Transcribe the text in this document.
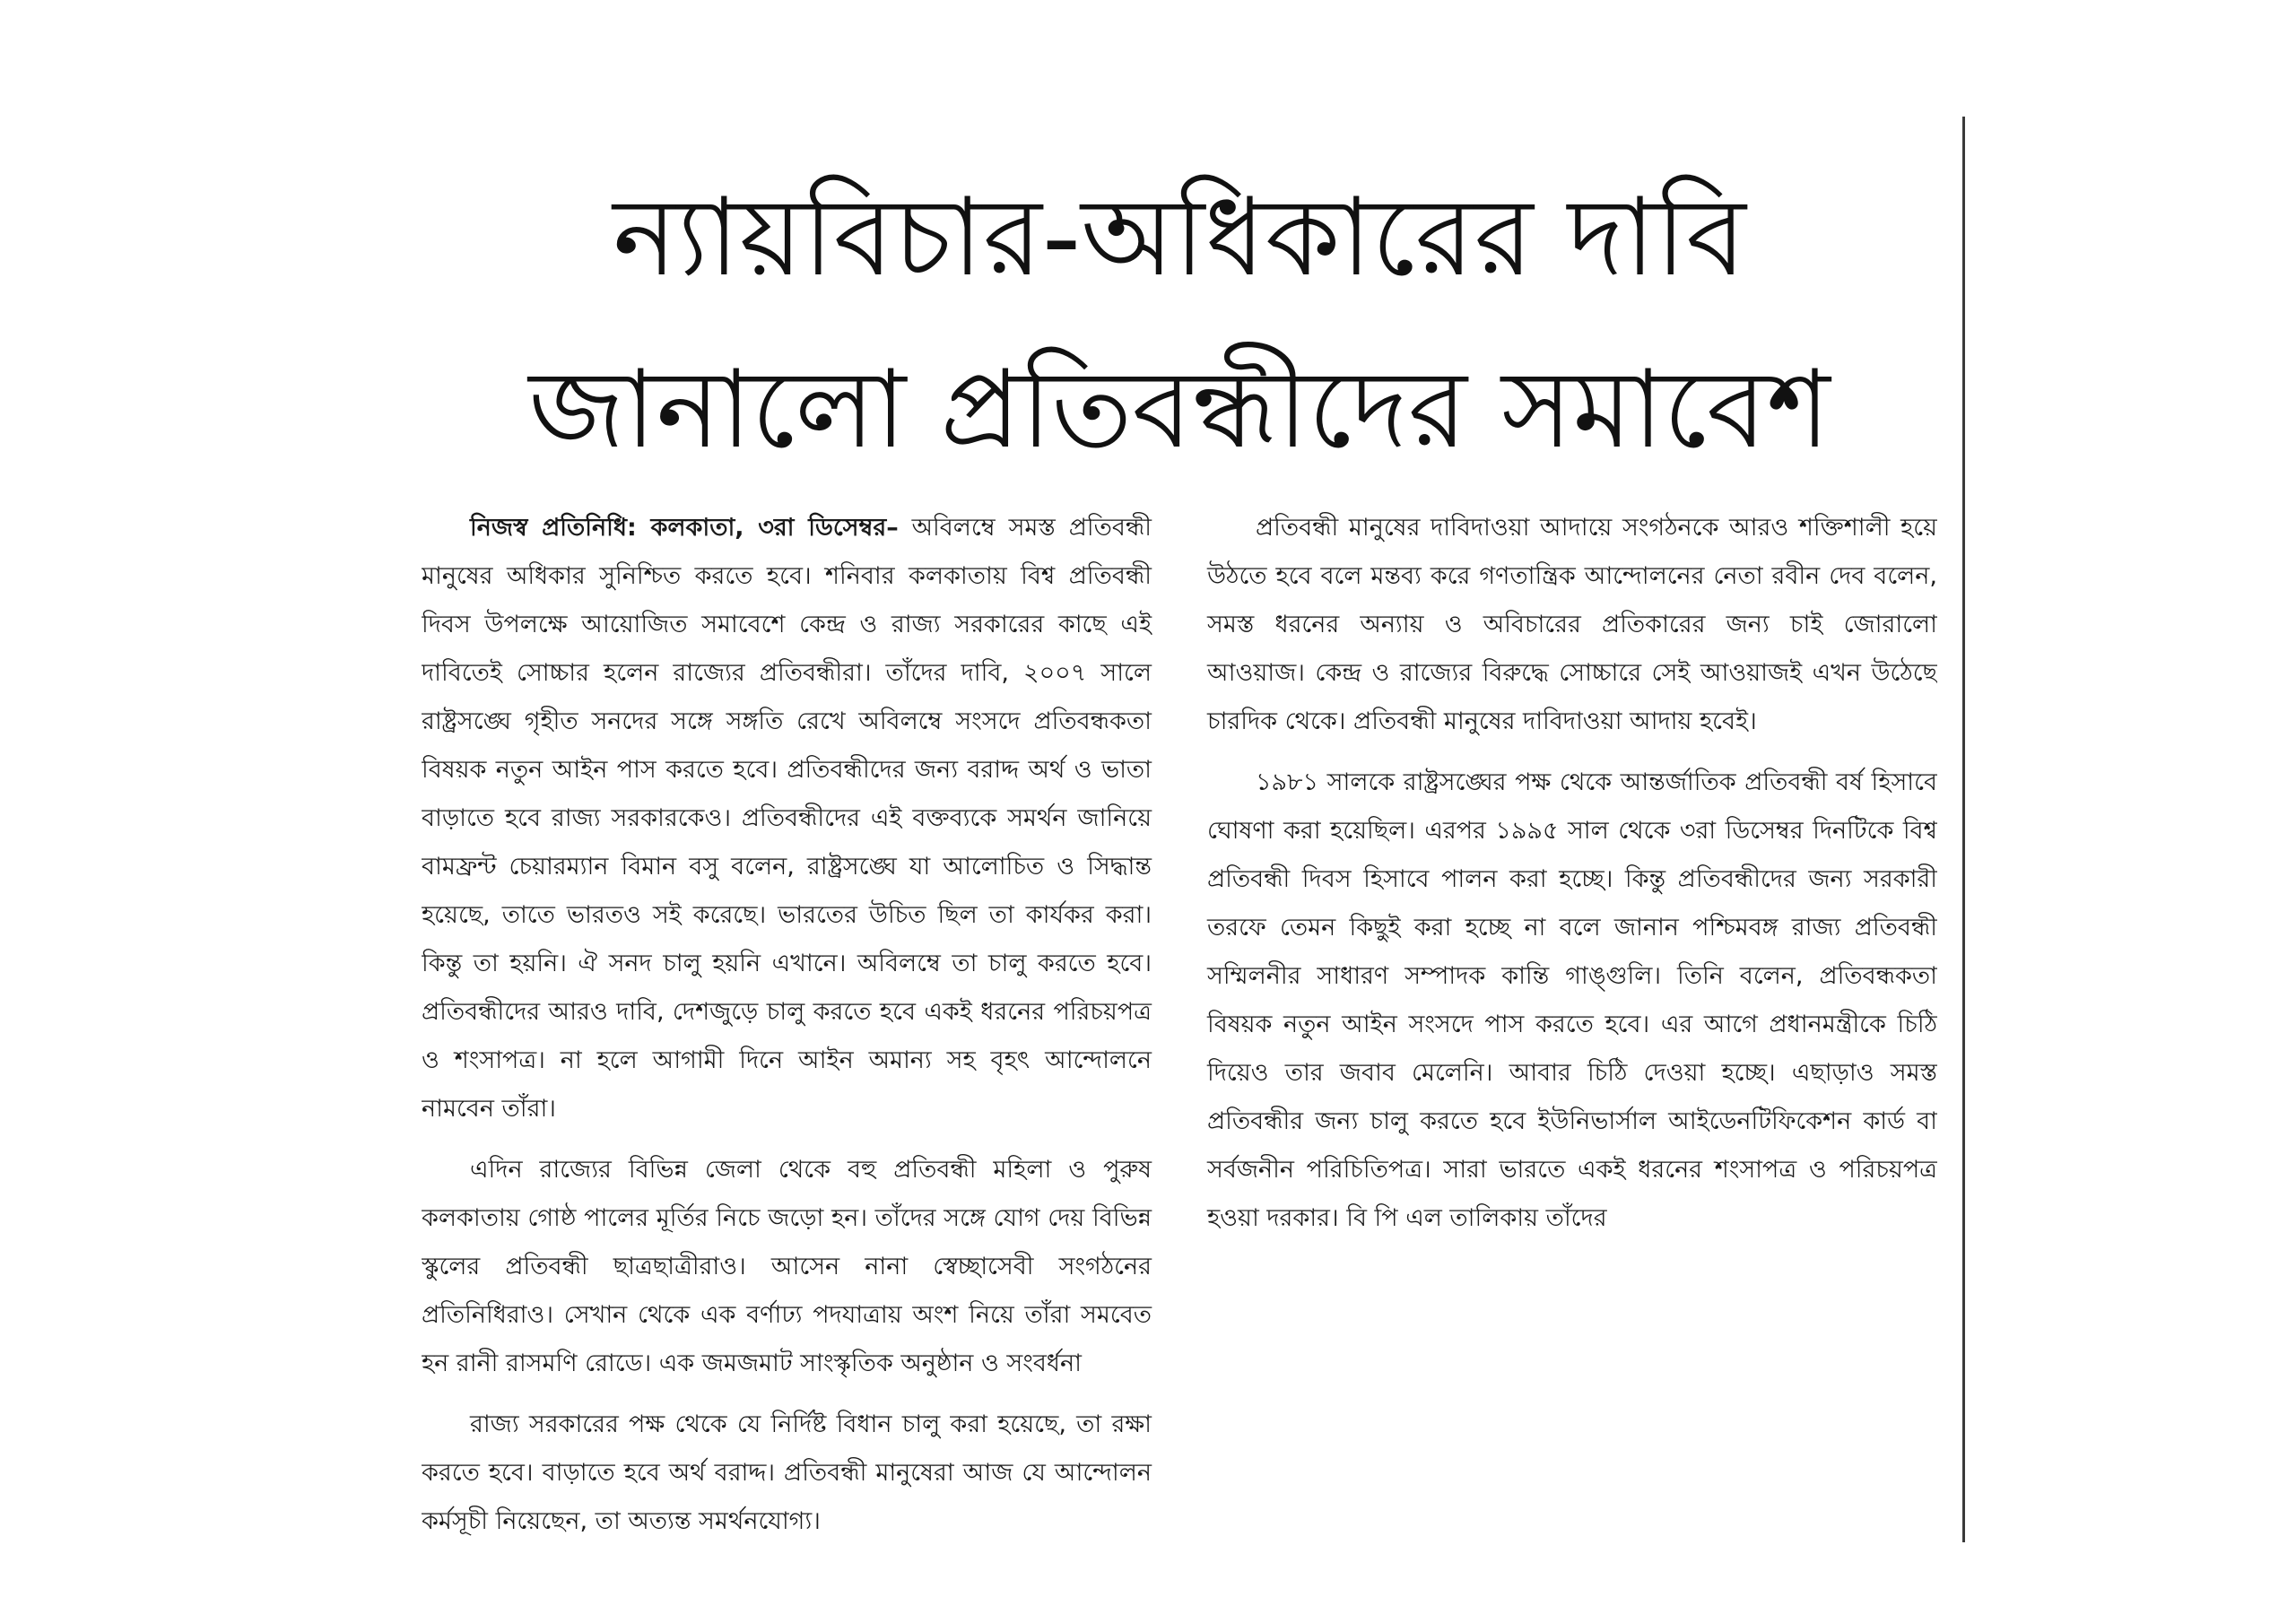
ন্যায়বিচার-অধিকারের দাবি
জানালো প্রতিবন্ধীদের সমাবেশ

নিজস্ব প্রতিনিধি: কলকাতা, ৩রা ডিসেম্বর– অবিলম্বে সমস্ত প্রতিবন্ধী মানুষের অধিকার সুনিশ্চিত করতে হবে। শনিবার কলকাতায় বিশ্ব প্রতিবন্ধী দিবস উপলক্ষে আয়োজিত সমাবেশে কেন্দ্র ও রাজ্য সরকারের কাছে এই দাবিতেই সোচ্চার হলেন রাজ্যের প্রতিবন্ধীরা। তাঁদের দাবি, ২০০৭ সালে রাষ্ট্রসঙ্ঘে গৃহীত সনদের সঙ্গে সঙ্গতি রেখে অবিলম্বে সংসদে প্রতিবন্ধকতা বিষয়ক নতুন আইন পাস করতে হবে। প্রতিবন্ধীদের জন্য বরাদ্দ অর্থ ও ভাতা বাড়াতে হবে রাজ্য সরকারকেও। প্রতিবন্ধীদের এই বক্তব্যকে সমর্থন জানিয়ে বামফ্রন্ট চেয়ারম্যান বিমান বসু বলেন, রাষ্ট্রসঙ্ঘে যা আলোচিত ও সিদ্ধান্ত হয়েছে, তাতে ভারতও সই করেছে। ভারতের উচিত ছিল তা কার্যকর করা। কিন্তু তা হয়নি। ঐ সনদ চালু হয়নি এখানে। অবিলম্বে তা চালু করতে হবে। প্রতিবন্ধীদের আরও দাবি, দেশজুড়ে চালু করতে হবে একই ধরনের পরিচয়পত্র ও শংসাপত্র। না হলে আগামী দিনে আইন অমান্য সহ বৃহৎ আন্দোলনে নামবেন তাঁরা।

এদিন রাজ্যের বিভিন্ন জেলা থেকে বহু প্রতিবন্ধী মহিলা ও পুরুষ কলকাতায় গোষ্ঠ পালের মূর্তির নিচে জড়ো হন। তাঁদের সঙ্গে যোগ দেয় বিভিন্ন স্কুলের প্রতিবন্ধী ছাত্রছাত্রীরাও। আসেন নানা স্বেচ্ছাসেবী সংগঠনের প্রতিনিধিরাও। সেখান থেকে এক বর্ণাঢ্য পদযাত্রায় অংশ নিয়ে তাঁরা সমবেত হন রানী রাসমণি রোডে। এক জমজমাট সাংস্কৃতিক অনুষ্ঠান ও সংবর্ধনা

রাজ্য সরকারের পক্ষ থেকে যে নির্দিষ্ট বিধান চালু করা হয়েছে, তা রক্ষা করতে হবে। বাড়াতে হবে অর্থ বরাদ্দ। প্রতিবন্ধী মানুষেরা আজ যে আন্দোলন কর্মসূচী নিয়েছেন, তা অত্যন্ত সমর্থনযোগ্য।

প্রতিবন্ধী মানুষের দাবিদাওয়া আদায়ে সংগঠনকে আরও শক্তিশালী হয়ে উঠতে হবে বলে মন্তব্য করে গণতান্ত্রিক আন্দোলনের নেতা রবীন দেব বলেন, সমস্ত ধরনের অন্যায় ও অবিচারের প্রতিকারের জন্য চাই জোরালো আওয়াজ। কেন্দ্র ও রাজ্যের বিরুদ্ধে সোচ্চারে সেই আওয়াজই এখন উঠেছে চারদিক থেকে। প্রতিবন্ধী মানুষের দাবিদাওয়া আদায় হবেই।

১৯৮১ সালকে রাষ্ট্রসঙ্ঘের পক্ষ থেকে আন্তর্জাতিক প্রতিবন্ধী বর্ষ হিসাবে ঘোষণা করা হয়েছিল। এরপর ১৯৯৫ সাল থেকে ৩রা ডিসেম্বর দিনটিকে বিশ্ব প্রতিবন্ধী দিবস হিসাবে পালন করা হচ্ছে। কিন্তু প্রতিবন্ধীদের জন্য সরকারী তরফে তেমন কিছুই করা হচ্ছে না বলে জানান পশ্চিমবঙ্গ রাজ্য প্রতিবন্ধী সম্মিলনীর সাধারণ সম্পাদক কান্তি গাঙ্গুলি। তিনি বলেন, প্রতিবন্ধকতা বিষয়ক নতুন আইন সংসদে পাস করতে হবে। এর আগে প্রধানমন্ত্রীকে চিঠি দিয়েও তার জবাব মেলেনি। আবার চিঠি দেওয়া হচ্ছে। এছাড়াও সমস্ত প্রতিবন্ধীর জন্য চালু করতে হবে ইউনিভার্সাল আইডেনটিফিকেশন কার্ড বা সর্বজনীন পরিচিতিপত্র। সারা ভারতে একই ধরনের শংসাপত্র ও পরিচয়পত্র হওয়া দরকার। বি পি এল তালিকায় তাঁদের
